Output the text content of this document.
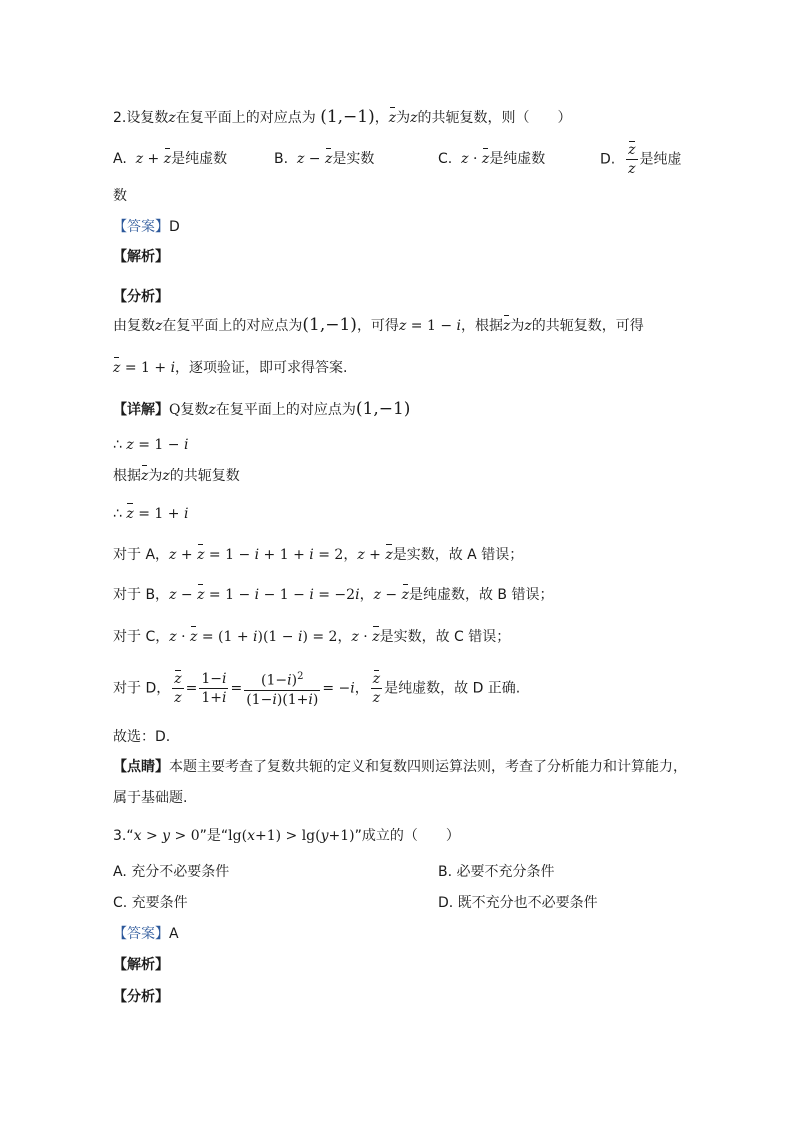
2.设复数z在复平面上的对应点为 (1,−1)，z为z的共轭复数，则（　　）
A. z + z是纯虚数	B. z − z是实数	C. z · z是纯虚数	D. $\frac{z}{z}$ 是纯虚
数
【答案】D
【解析】
【分析】
由复数z在复平面上的对应点为(1,−1)，可得z = 1 − i，根据z为z的共轭复数，可得
z = 1 + i，逐项验证，即可求得答案.
【详解】Q复数z在复平面上的对应点为(1,−1)
∴ z = 1 − i
根据z为z的共轭复数
∴ z = 1 + i
对于 A，z + z = 1 − i + 1 + i = 2，z + z是实数，故 A 错误；
对于 B，z − z = 1 − i − 1 − i = −2i，z − z是纯虚数，故 B 错误；
对于 C，z · z = (1 + i)(1 − i) = 2，z · z是实数，故 C 错误；
对于 D， $\frac{z}{z} = \frac{1-i}{1+i} = \frac{(1-i)^2}{(1-i)(1+i)} = -i$， $\frac{z}{z}$ 是纯虚数，故 D 正确.
故选：D.
【点睛】本题主要考查了复数共轭的定义和复数四则运算法则，考查了分析能力和计算能力，
属于基础题.
3.“x > y > 0”是“lg(x+1) > lg(y+1)”成立的（　　）
A. 充分不必要条件	B. 必要不充分条件
C. 充要条件	D. 既不充分也不必要条件
【答案】A
【解析】
【分析】
